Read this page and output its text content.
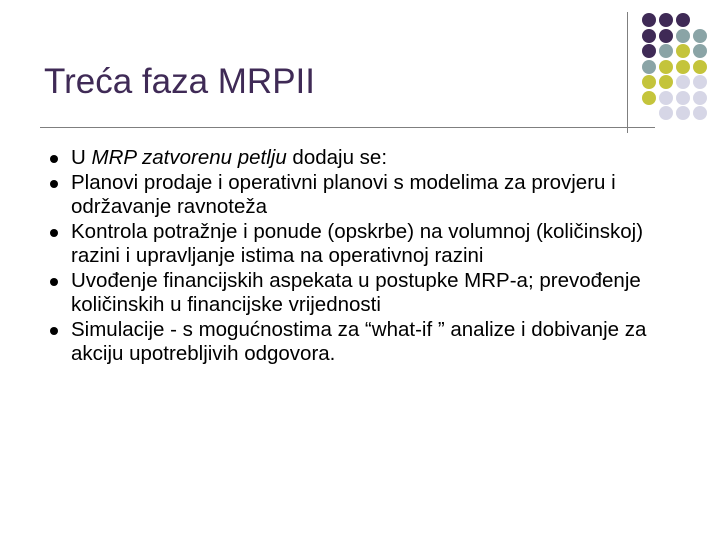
Treća faza MRPII
U MRP zatvorenu petlju dodaju se:
Planovi prodaje i operativni planovi s modelima za provjeru i održavanje ravnoteža
Kontrola potražnje i ponude (opskrbe) na volumnoj (količinskoj) razini i upravljanje istima na operativnoj razini
Uvođenje financijskih aspekata u postupke MRP-a; prevođenje količinskih u financijske vrijednosti
Simulacije - s mogućnostima za “what-if ” analize i dobivanje za akciju upotrebljivih odgovora.
